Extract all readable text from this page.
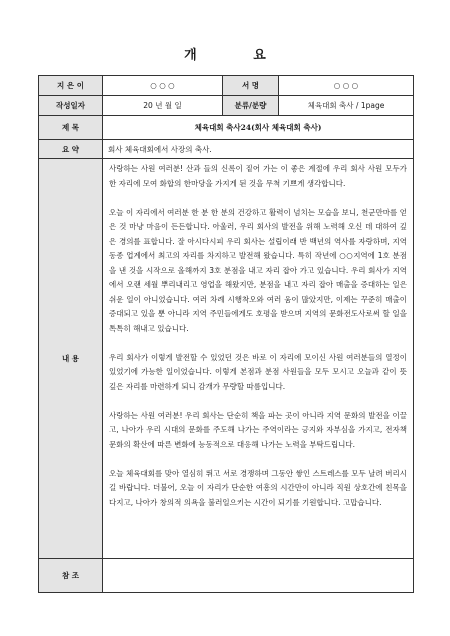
개 요
지 은 이	○ ○ ○	서 명	○ ○ ○
작성일자	20 년 월 일	분류/분량	체육대회 축사 / 1page
제 목	체육대회 축사24(회사 체육대회 축사)		
요 약	회사 체육대회에서 사장의 축사.		
내 용	사랑하는 사원 여러분! 산과 들의 신록이 짙어 가는 이 좋은 계절에 우리 회사 사원 모두가 한 자리에 모여 화합의 한마당을 가지게 된 것을 무척 기쁘게 생각합니다.

오늘 이 자리에서 여러분 한 분 한 분의 건강하고 활력이 넘치는 모습을 보니, 천군만마를 얻은 것 마냥 마음이 든든합니다. 아울러, 우리 회사의 발전을 위해 노력해 오신 데 대하여 깊은 경의를 표합니다. 잘 아시다시피 우리 회사는 설립이래 반 백년의 역사를 자랑하며, 지역 동종 업계에서 최고의 자리를 차지하고 발전해 왔습니다. 특히 작년에 ○○지역에 1호 분점을 낸 것을 시작으로 올해까지 3호 분점을 내고 자리 잡아 가고 있습니다. 우리 회사가 지역에서 오랜 세월 뿌리내리고 영업을 해왔지만, 분점을 내고 자리 잡아 매출을 증대하는 일은 쉬운 일이 아니었습니다. 여러 차례 시행착오와 여러 움이 많았지만, 이제는 꾸준히 매출이 증대되고 있을 뿐 아니라 지역 주민들에게도 호평을 받으며 지역의 문화전도사로써 할 일을 톡톡히 해내고 있습니다.

우리 회사가 이렇게 발전할 수 있었던 것은 바로 이 자리에 모이신 사원 여러분들의 열정이 있었기에 가능한 일이었습니다. 이렇게 본점과 분점 사원들을 모두 모시고 오늘과 같이 뜻 깊은 자리를 마련하게 되니 감개가 무량할 따름입니다.

사랑하는 사원 여러분! 우리 회사는 단순히 책을 파는 곳이 아니라 지역 문화의 발전을 이끌고, 나아가 우리 시대의 문화를 주도해 나가는 주역이라는 긍지와 자부심을 가지고, 전자책 문화의 확산에 따른 변화에 능동적으로 대응해 나가는 노력을 부탁드립니다.

오늘 체육대회를 맞아 열심히 뛰고 서로 경쟁하며 그동안 쌓인 스트레스를 모두 날려 버리시길 바랍니다. 더불어, 오늘 이 자리가 단순한 여흥의 시간만이 아니라 직원 상호간에 친목을 다지고, 나아가 창의적 의욕을 불러일으키는 시간이 되기를 기원합니다. 고맙습니다.		

참 조			
